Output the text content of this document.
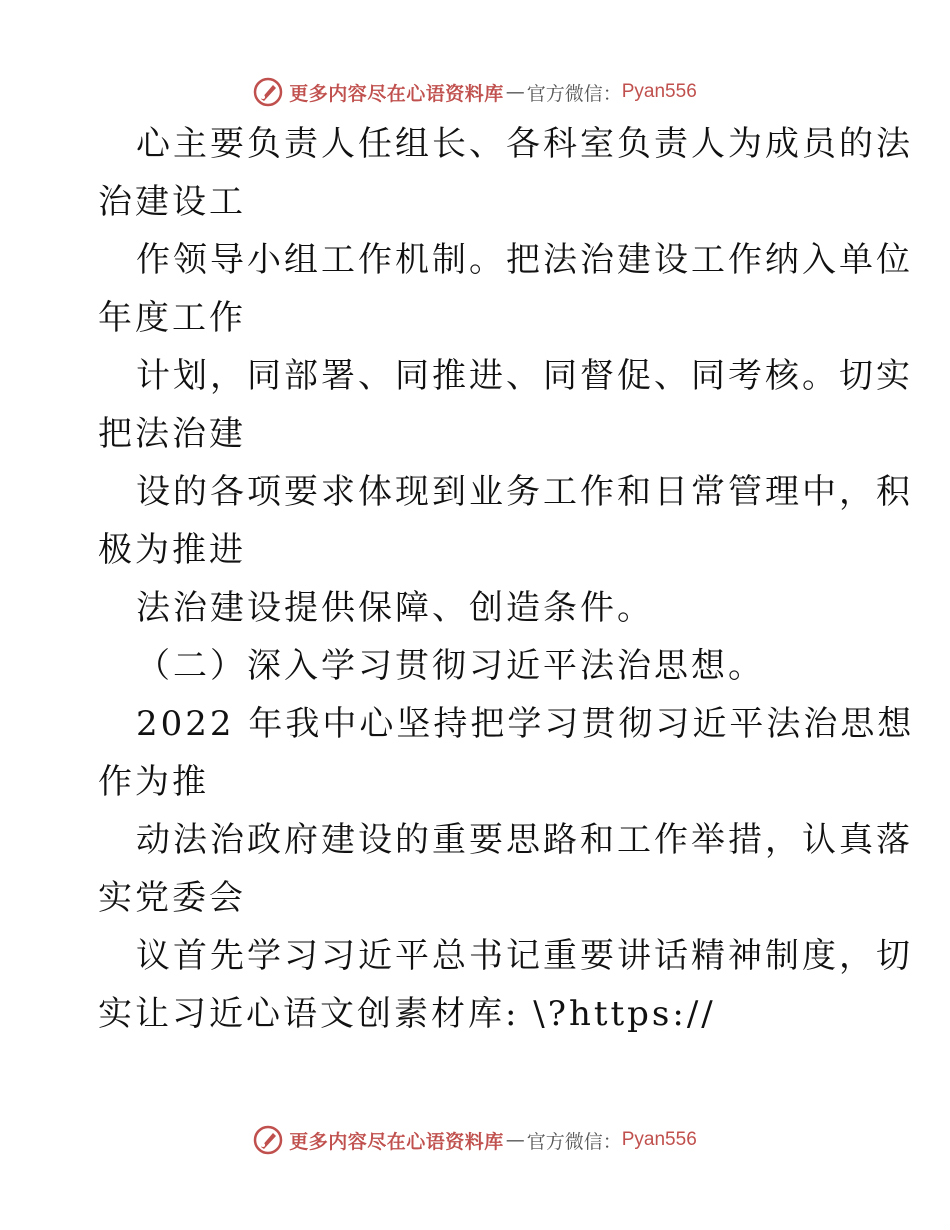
更多内容尽在心语资料库 — 官方微信： Pyan556
心主要负责人任组长、各科室负责人为成员的法
治建设工
作领导小组工作机制。把法治建设工作纳入单位
年度工作
计划，同部署、同推进、同督促、同考核。切实
把法治建
设的各项要求体现到业务工作和日常管理中，积
极为推进
法治建设提供保障、创造条件。
（二）深入学习贯彻习近平法治思想。
2022 年我中心坚持把学习贯彻习近平法治思想
作为推
动法治政府建设的重要思路和工作举措，认真落
实党委会
议首先学习习近平总书记重要讲话精神制度，切
实让习近心语文创素材库: \?https://
更多内容尽在心语资料库 — 官方微信： Pyan556
